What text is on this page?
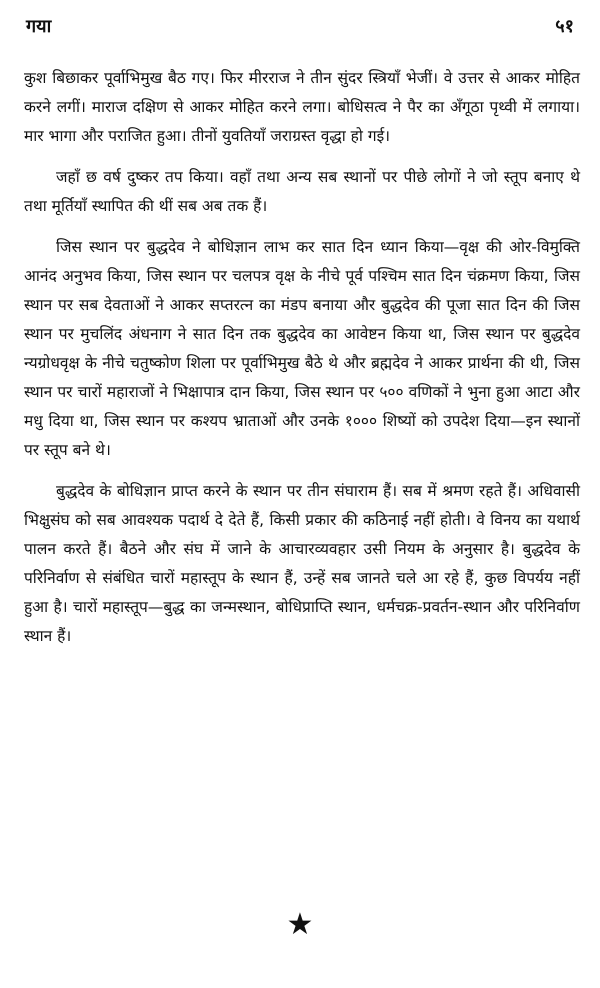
गया	५१

कुश बिछाकर पूर्वाभिमुख बैठ गए। फिर मीरराज ने तीन सुंदर स्त्रियाँ भेजीं। वे उत्तर से आकर मोहित करने लगीं। माराज दक्षिण से आकर मोहित करने लगा। बोधिसत्व ने पैर का अँगूठा पृथ्वी में लगाया। मार भागा और पराजित हुआ। तीनों युवतियाँ जराग्रस्त वृद्धा हो गई।

जहाँ छ वर्ष दुष्कर तप किया। वहाँ तथा अन्य सब स्थानों पर पीछे लोगों ने जो स्तूप बनाए थे तथा मूर्तियाँ स्थापित की थीं सब अब तक हैं।

जिस स्थान पर बुद्धदेव ने बोधिज्ञान लाभ कर सात दिन ध्यान किया—वृक्ष की ओर-विमुक्ति आनंद अनुभव किया, जिस स्थान पर चलपत्र वृक्ष के नीचे पूर्व पश्चिम सात दिन चंक्रमण किया, जिस स्थान पर सब देवताओं ने आकर सप्तरत्न का मंडप बनाया और बुद्धदेव की पूजा सात दिन की जिस स्थान पर मुचलिंद अंधनाग ने सात दिन तक बुद्धदेव का आवेष्टन किया था, जिस स्थान पर बुद्धदेव न्यग्रोधवृक्ष के नीचे चतुष्कोण शिला पर पूर्वाभिमुख बैठे थे और ब्रह्मदेव ने आकर प्रार्थना की थी, जिस स्थान पर चारों महाराजों ने भिक्षापात्र दान किया, जिस स्थान पर ५०० वणिकों ने भुना हुआ आटा और मधु दिया था, जिस स्थान पर कश्यप भ्राताओं और उनके १००० शिष्यों को उपदेश दिया—इन स्थानों पर स्तूप बने थे।

बुद्धदेव के बोधिज्ञान प्राप्त करने के स्थान पर तीन संघाराम हैं। सब में श्रमण रहते हैं। अधिवासी भिक्षुसंघ को सब आवश्यक पदार्थ दे देते हैं, किसी प्रकार की कठिनाई नहीं होती। वे विनय का यथार्थ पालन करते हैं। बैठने और संघ में जाने के आचारव्यवहार उसी नियम के अनुसार है। बुद्धदेव के परिनिर्वाण से संबंधित चारों महास्तूप के स्थान हैं, उन्हें सब जानते चले आ रहे हैं, कुछ विपर्यय नहीं हुआ है। चारों महास्तूप—बुद्ध का जन्मस्थान, बोधिप्राप्ति स्थान, धर्मचक्र-प्रवर्तन-स्थान और परिनिर्वाण स्थान हैं।

★
